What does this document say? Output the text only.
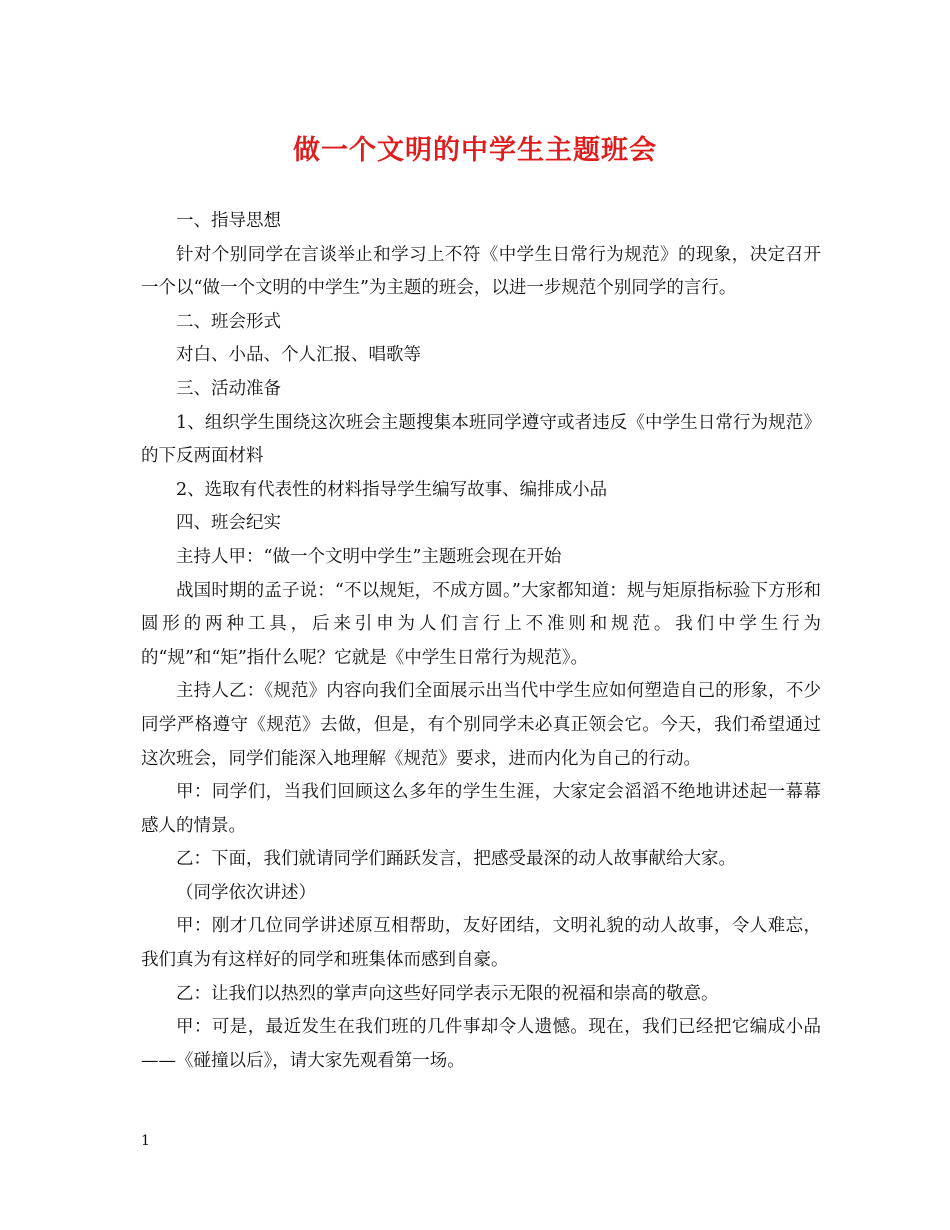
做一个文明的中学生主题班会

一、指导思想

针对个别同学在言谈举止和学习上不符《中学生日常行为规范》的现象，决定召开一个以“做一个文明的中学生”为主题的班会，以进一步规范个别同学的言行。

二、班会形式

对白、小品、个人汇报、唱歌等

三、活动准备

1、组织学生围绕这次班会主题搜集本班同学遵守或者违反《中学生日常行为规范》的下反两面材料

2、选取有代表性的材料指导学生编写故事、编排成小品

四、班会纪实

主持人甲：“做一个文明中学生”主题班会现在开始

战国时期的孟子说：“不以规矩，不成方圆。”大家都知道：规与矩原指标验下方形和圆形的两种工具，后来引申为人们言行上不准则和规范。我们中学生行为的“规”和“矩”指什么呢？它就是《中学生日常行为规范》。

主持人乙：《规范》内容向我们全面展示出当代中学生应如何塑造自己的形象，不少同学严格遵守《规范》去做，但是，有个别同学未必真正领会它。今天，我们希望通过这次班会，同学们能深入地理解《规范》要求，进而内化为自己的行动。

甲：同学们，当我们回顾这么多年的学生生涯，大家定会滔滔不绝地讲述起一幕幕感人的情景。

乙：下面，我们就请同学们踊跃发言，把感受最深的动人故事献给大家。

（同学依次讲述）

甲：刚才几位同学讲述原互相帮助，友好团结，文明礼貌的动人故事，令人难忘，我们真为有这样好的同学和班集体而感到自豪。

乙：让我们以热烈的掌声向这些好同学表示无限的祝福和崇高的敬意。

甲：可是，最近发生在我们班的几件事却令人遗憾。现在，我们已经把它编成小品——《碰撞以后》，请大家先观看第一场。

1
